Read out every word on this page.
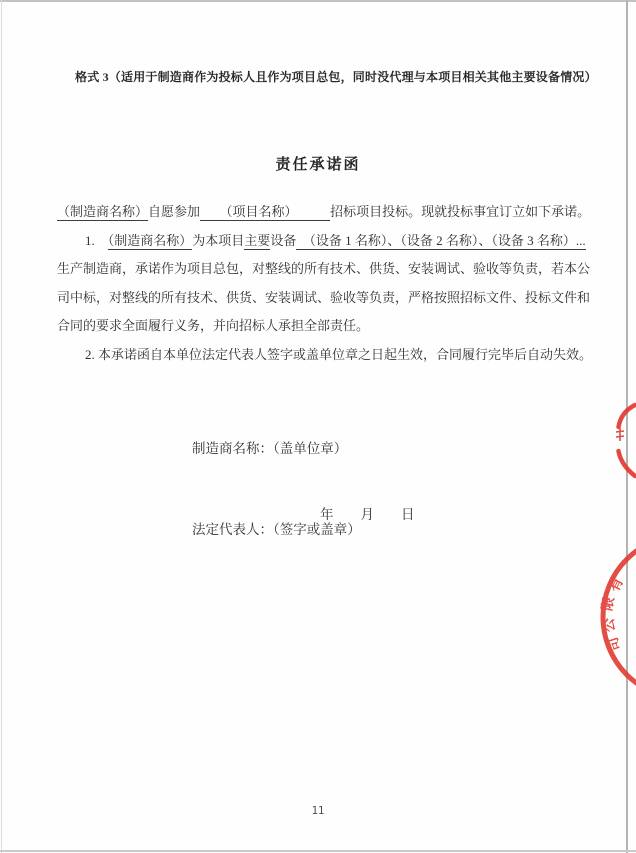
格式 3（适用于制造商作为投标人且作为项目总包，同时没代理与本项目相关其他主要设备情况）
责任承诺函
（制造商名称）自愿参加　　 （项目名称）　　　	招标项目投标。现就投标事宜订立如下承诺。
1.　（制造商名称）为本项目主要设备　（设备 1 名称）、（设备 2 名称）、（设备 3 名称）...
生产制造商，承诺作为项目总包，对整线的所有技术、供货、安装调试、验收等负责，若本公
司中标，对整线的所有技术、供货、安装调试、验收等负责，严格按照招标文件、投标文件和
合同的要求全面履行义务，并向招标人承担全部责任。
2. 本承诺函自本单位法定代表人签字或盖单位章之日起生效，合同履行完毕后自动失效。

制造商名称：（盖单位章）

法定代表人：（签字或盖章）

年　　月　　日
11
有
限
公
司
